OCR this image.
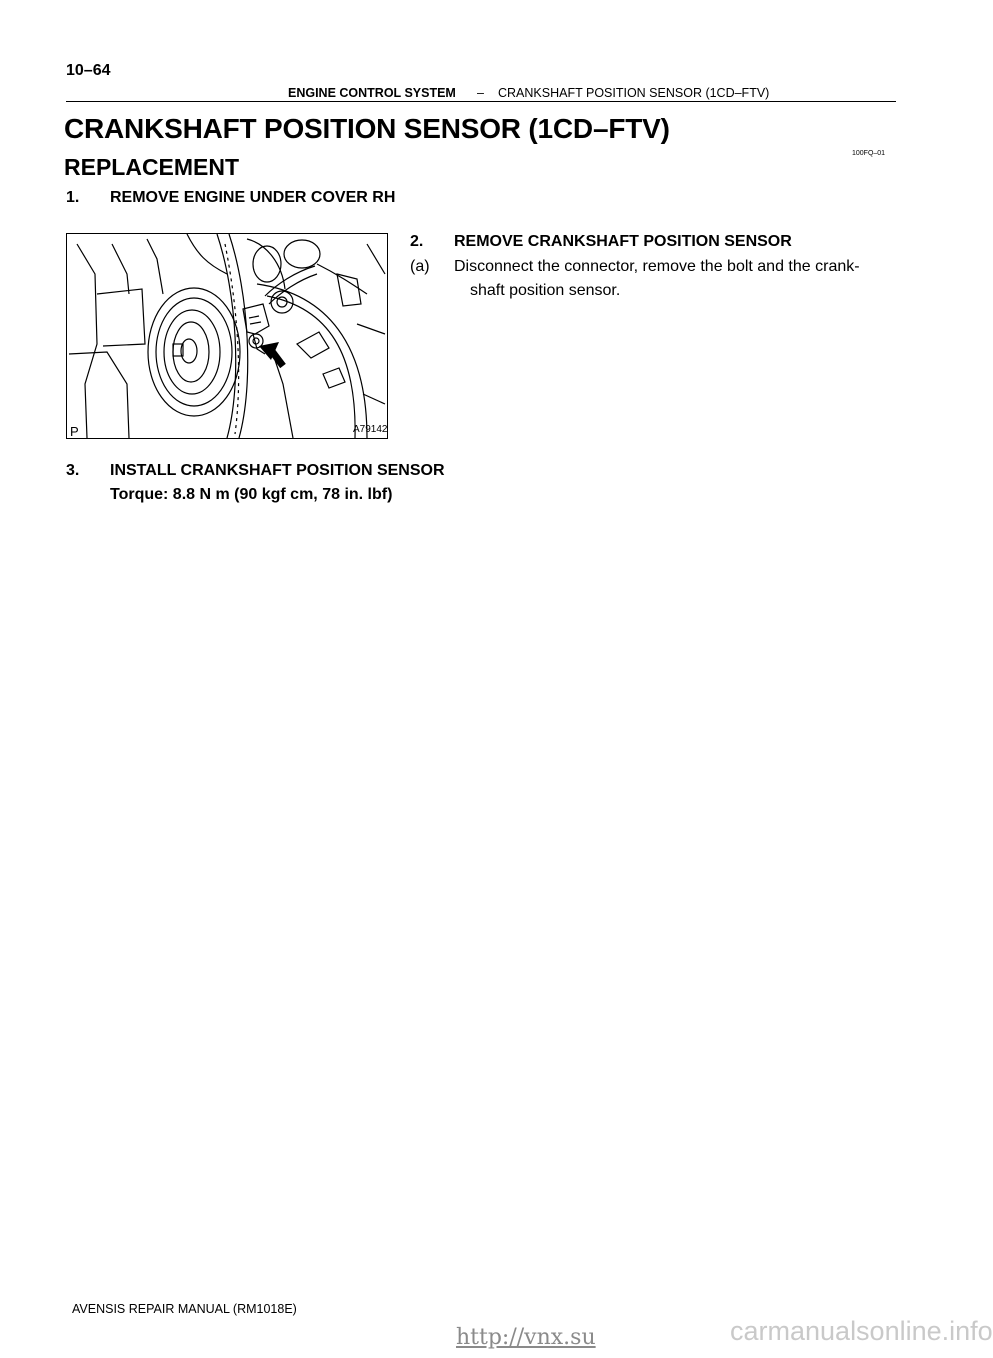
10–64
ENGINE CONTROL SYSTEM – CRANKSHAFT POSITION SENSOR (1CD–FTV)
CRANKSHAFT POSITION SENSOR (1CD–FTV)
REPLACEMENT
100FQ–01
1. REMOVE ENGINE UNDER COVER RH
P	A79142
2. REMOVE CRANKSHAFT POSITION SENSOR
(a) Disconnect the connector, remove the bolt and the crank-
shaft position sensor.
3. INSTALL CRANKSHAFT POSITION SENSOR
Torque: 8.8 N m (90 kgf cm, 78 in. lbf)
AVENSIS REPAIR MANUAL (RM1018E)
http://vnx.su	carmanualsonline.info
